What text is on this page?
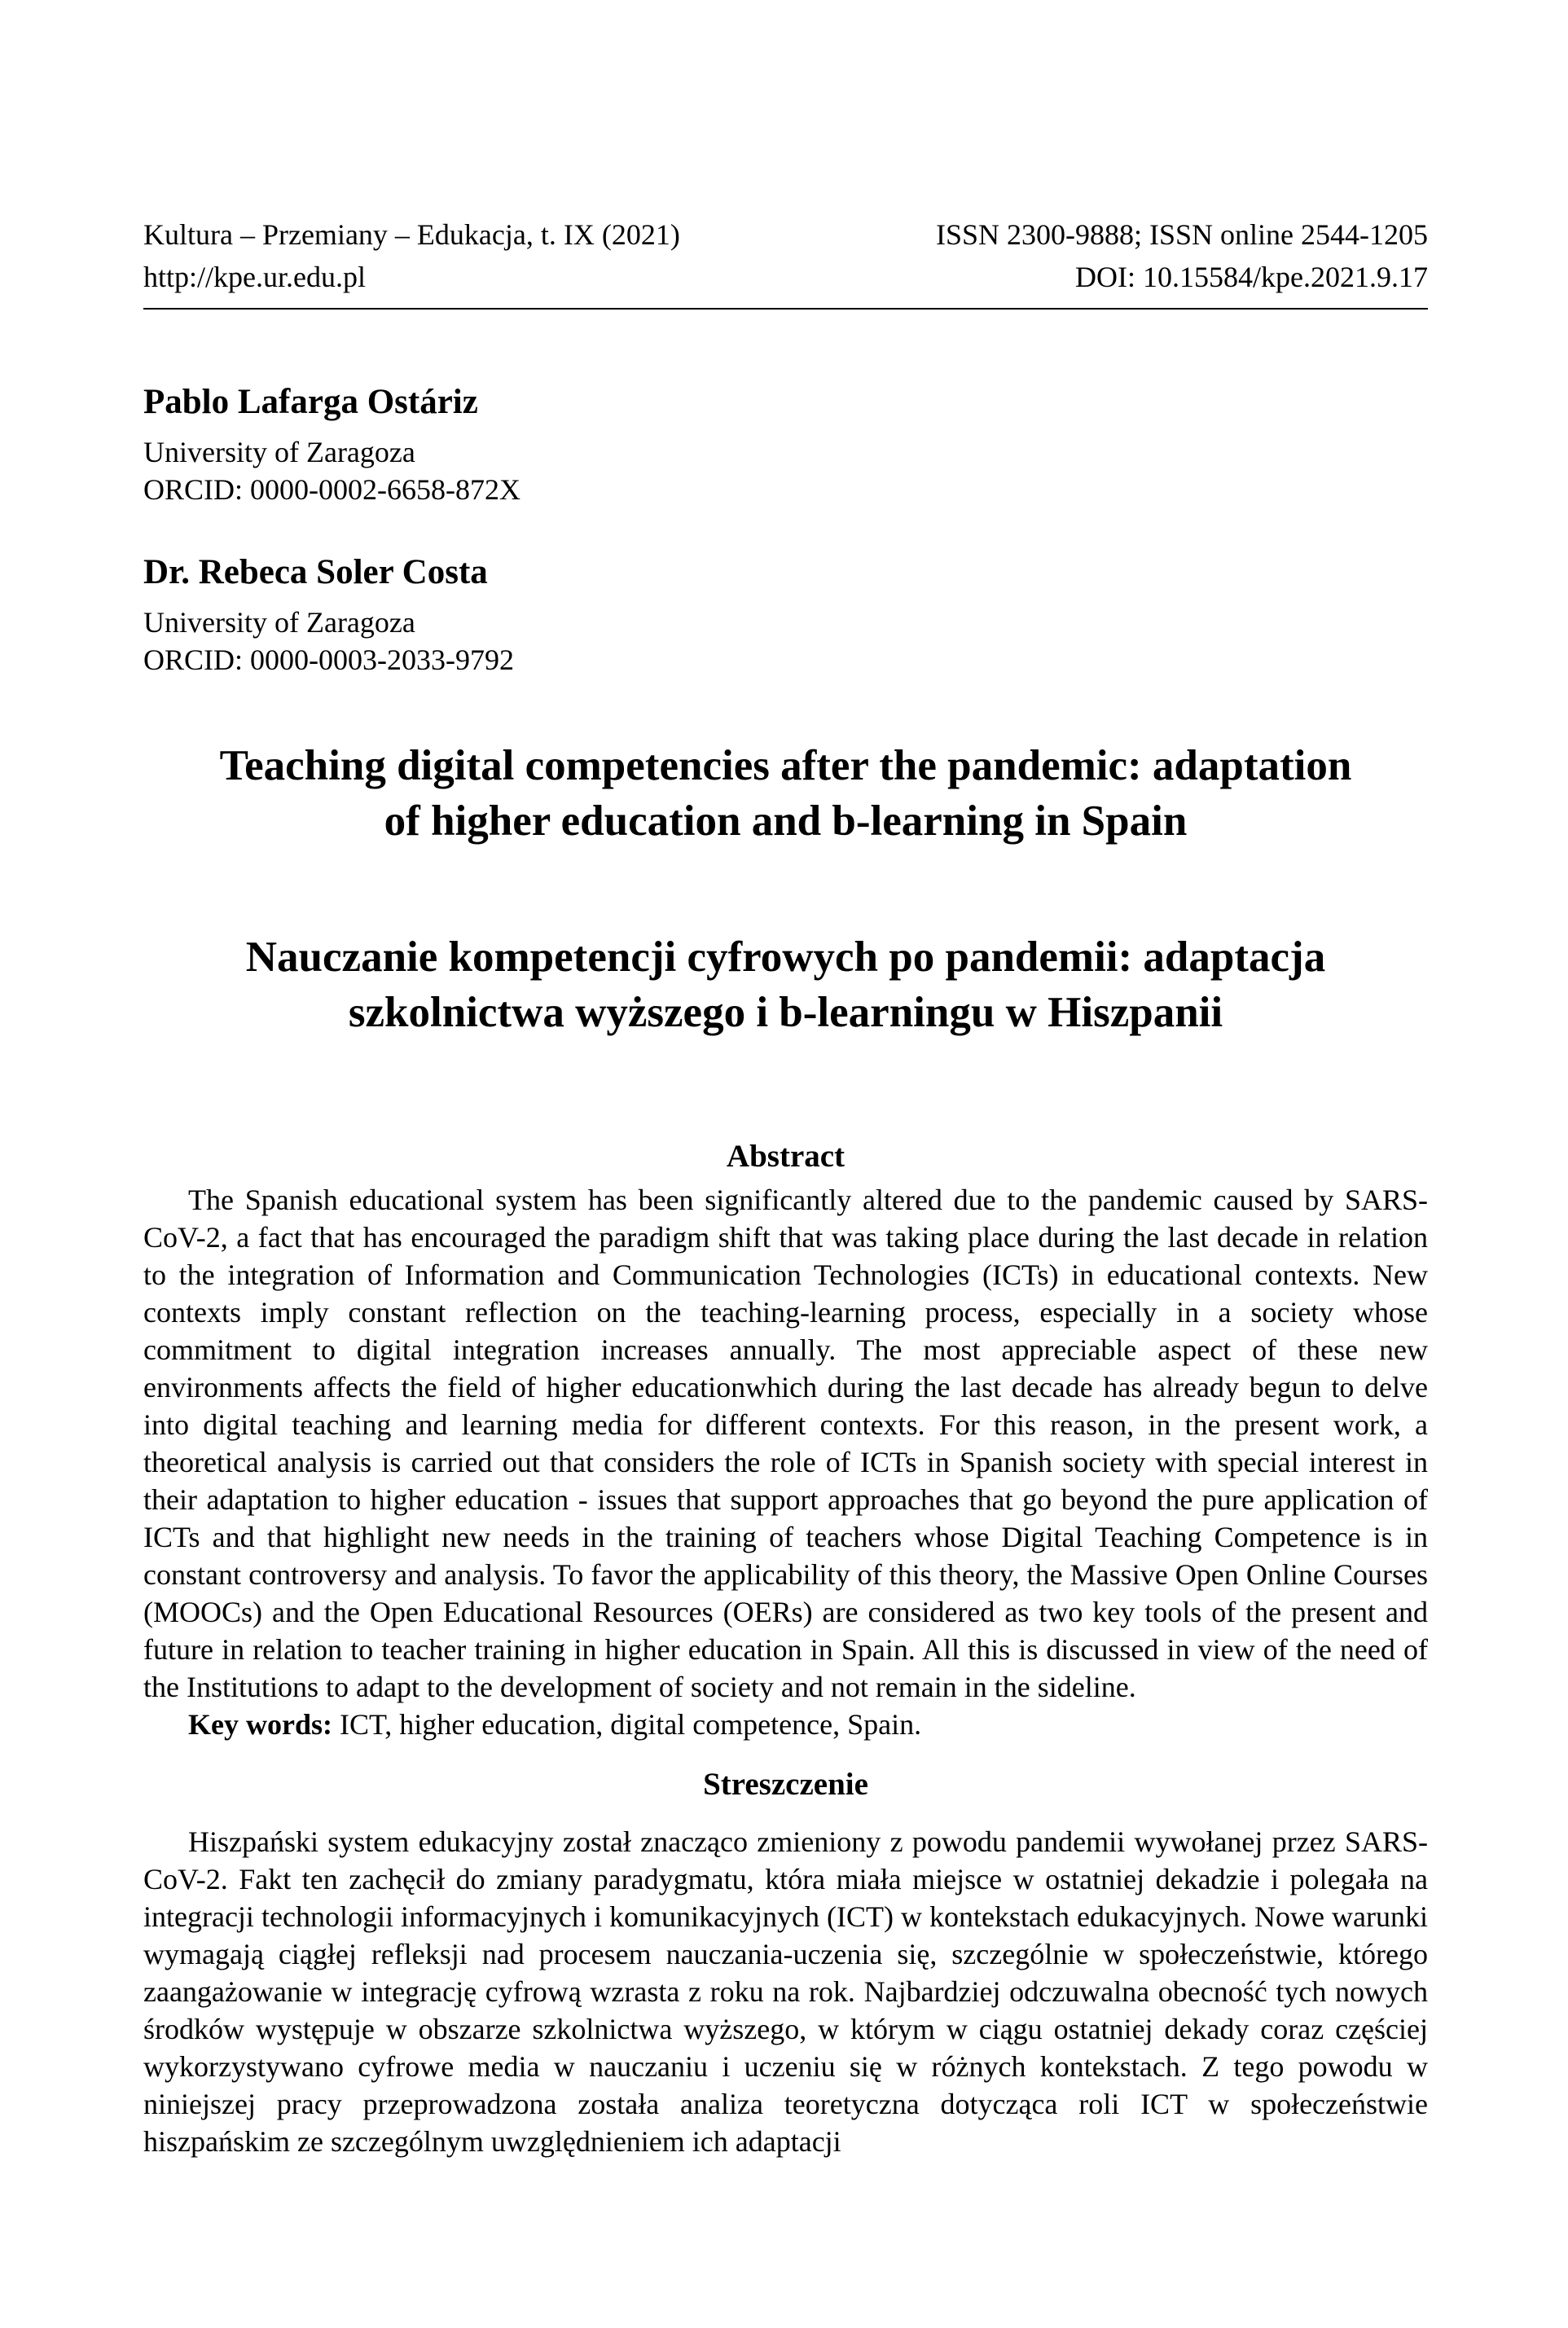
Kultura – Przemiany – Edukacja, t. IX (2021)
http://kpe.ur.edu.pl
ISSN 2300-9888; ISSN online 2544-1205
DOI: 10.15584/kpe.2021.9.17
Pablo Lafarga Ostáriz
University of Zaragoza
ORCID: 0000-0002-6658-872X
Dr. Rebeca Soler Costa
University of Zaragoza
ORCID: 0000-0003-2033-9792
Teaching digital competencies after the pandemic: adaptation
of higher education and b-learning in Spain
Nauczanie kompetencji cyfrowych po pandemii: adaptacja
szkolnictwa wyższego i b-learningu w Hiszpanii
Abstract

The Spanish educational system has been significantly altered due to the pandemic caused by SARS-CoV-2, a fact that has encouraged the paradigm shift that was taking place during the last decade in relation to the integration of Information and Communication Technologies (ICTs) in educational contexts. New contexts imply constant reflection on the teaching-learning process, especially in a society whose commitment to digital integration increases annually. The most appreciable aspect of these new environments affects the field of higher educationwhich during the last decade has already begun to delve into digital teaching and learning media for different contexts. For this reason, in the present work, a theoretical analysis is carried out that considers the role of ICTs in Spanish society with special interest in their adaptation to higher education - issues that support approaches that go beyond the pure application of ICTs and that highlight new needs in the training of teachers whose Digital Teaching Competence is in constant controversy and analysis. To favor the applicability of this theory, the Massive Open Online Courses (MOOCs) and the Open Educational Resources (OERs) are considered as two key tools of the present and future in relation to teacher training in higher education in Spain. All this is discussed in view of the need of the Institutions to adapt to the development of society and not remain in the sideline.

Key words: ICT, higher education, digital competence, Spain.

Streszczenie

Hiszpański system edukacyjny został znacząco zmieniony z powodu pandemii wywołanej przez SARS-CoV-2. Fakt ten zachęcił do zmiany paradygmatu, która miała miejsce w ostatniej dekadzie i polegała na integracji technologii informacyjnych i komunikacyjnych (ICT) w kontekstach edukacyjnych. Nowe warunki wymagają ciągłej refleksji nad procesem nauczania-uczenia się, szczególnie w społeczeństwie, którego zaangażowanie w integrację cyfrową wzrasta z roku na rok. Najbardziej odczuwalna obecność tych nowych środków występuje w obszarze szkolnictwa wyższego, w którym w ciągu ostatniej dekady coraz częściej wykorzystywano cyfrowe media w nauczaniu i uczeniu się w różnych kontekstach. Z tego powodu w niniejszej pracy przeprowadzona została analiza teoretyczna dotycząca roli ICT w społeczeństwie hiszpańskim ze szczególnym uwzględnieniem ich adaptacji
